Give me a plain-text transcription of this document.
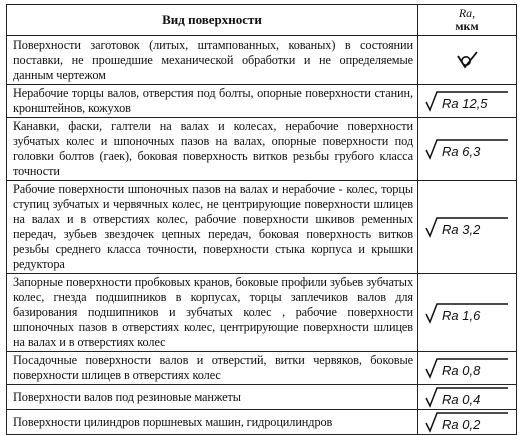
Вид поверхности	Ra,
мкм

Поверхности заготовок (литых, штампованных, кованых) в состоянии поставки, не прошедшие механической обработки и не определяемые данным чертежом

Нерабочие торцы валов, отверстия под болты, опорные поверхности станин, кронштейнов, кожухов	Ra 12,5

Канавки, фаски, галтели на валах и колесах, нерабочие поверхности зубчатых колес и шпоночных пазов на валах, опорные поверхности под головки болтов (гаек), боковая поверхность витков резьбы грубого класса точности	Ra 6,3

Рабочие поверхности шпоночных пазов на валах и нерабочие - колес, торцы ступиц зубчатых и червячных колес, не центрирующие поверхности шлицев на валах и в отверстиях колес, рабочие поверхности шкивов ременных передач, зубьев звездочек цепных передач, боковая поверхность витков резьбы среднего класса точности, поверхности стыка корпуса и крышки редуктора	Ra 3,2

Запорные поверхности пробковых кранов, боковые профили зубьев зубчатых колес, гнезда подшипников в корпусах, торцы заплечиков валов для базирования подшипников и зубчатых колес , рабочие поверхности шпоночных пазов в отверстиях колес, центрирующие поверхности шлицев на валах и в отверстиях колес	Ra 1,6

Посадочные поверхности валов и отверстий, витки червяков, боковые поверхности шлицев в отверстиях колес	Ra 0,8

Поверхности валов под резиновые манжеты	Ra 0,4

Поверхности цилиндров поршневых машин, гидроцилиндров	Ra 0,2
